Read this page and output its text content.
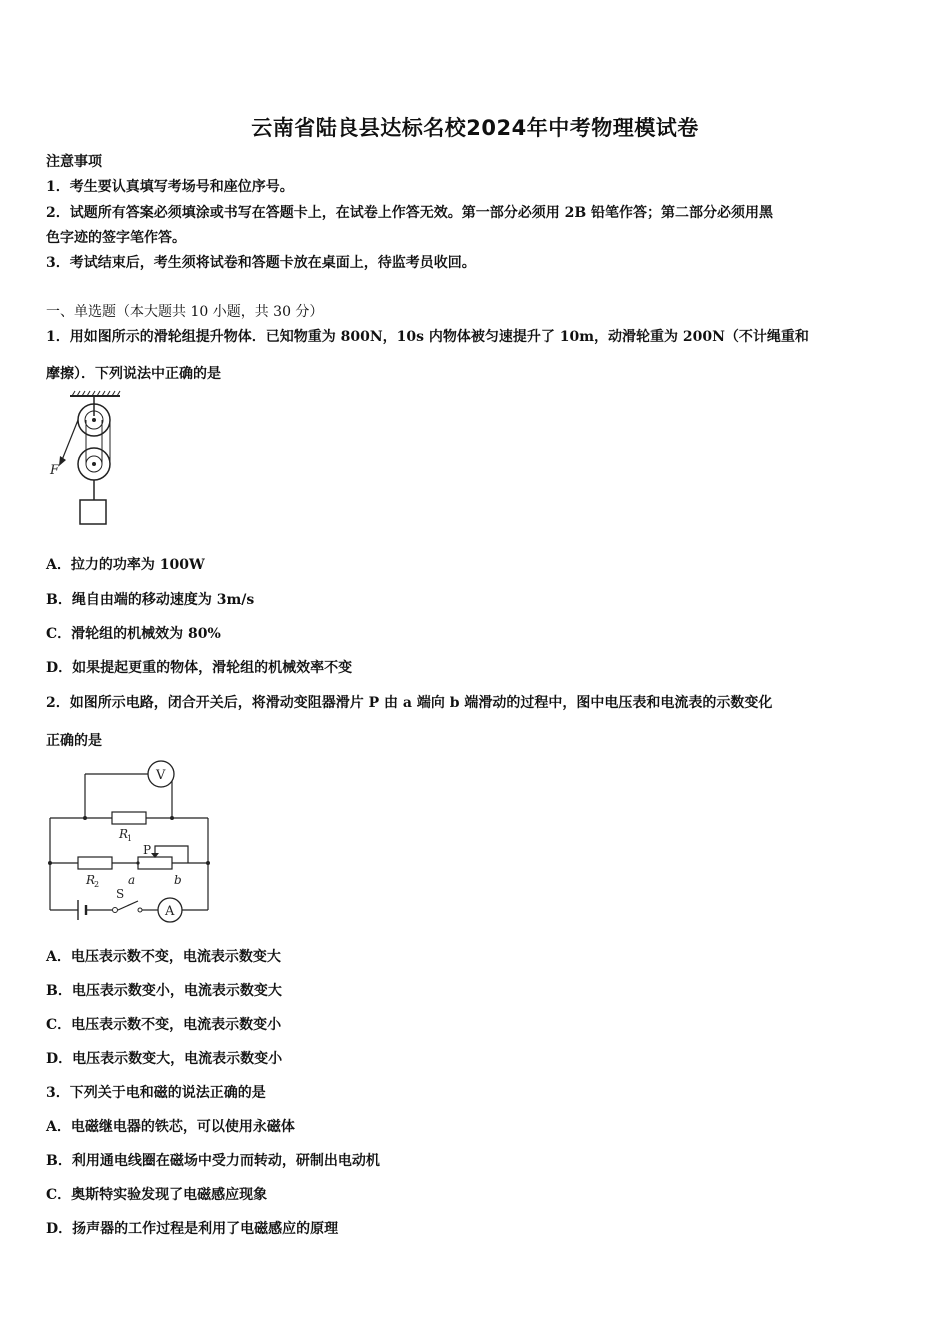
云南省陆良县达标名校2024年中考物理模试卷
注意事项
1．考生要认真填写考场号和座位序号。
2．试题所有答案必须填涂或书写在答题卡上，在试卷上作答无效。第一部分必须用 2B 铅笔作答；第二部分必须用黑
色字迹的签字笔作答。
3．考试结束后，考生须将试卷和答题卡放在桌面上，待监考员收回。
一、单选题（本大题共 10 小题，共 30 分）
1．用如图所示的滑轮组提升物体．已知物重为 800N，10s 内物体被匀速提升了 10m，动滑轮重为 200N（不计绳重和
摩擦）．下列说法中正确的是
F
A．拉力的功率为 100W
B．绳自由端的移动速度为 3m/s
C．滑轮组的机械效为 80%
D．如果提起更重的物体，滑轮组的机械效率不变
2．如图所示电路，闭合开关后，将滑动变阻器滑片 P 由 a 端向 b 端滑动的过程中，图中电压表和电流表的示数变化
正确的是
V
A
R
1
R
2
P
a	b
S
A．电压表示数不变，电流表示数变大
B．电压表示数变小，电流表示数变大
C．电压表示数不变，电流表示数变小
D．电压表示数变大，电流表示数变小
3．下列关于电和磁的说法正确的是
A．电磁继电器的铁芯，可以使用永磁体
B．利用通电线圈在磁场中受力而转动，研制出电动机
C．奥斯特实验发现了电磁感应现象
D．扬声器的工作过程是利用了电磁感应的原理
